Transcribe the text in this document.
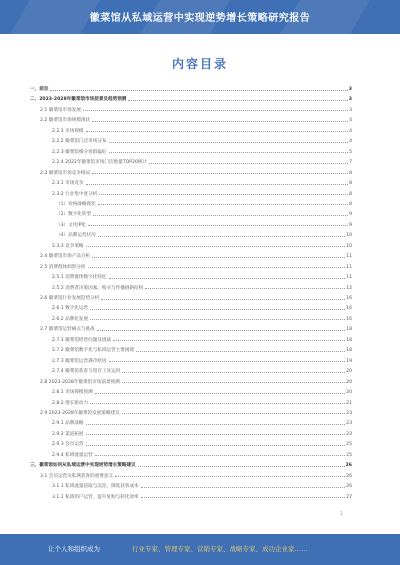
徽菜馆从私域运营中实现逆势增长策略研究报告
内容目录
一、前言	3
二、2023-2028年徽菜馆市场前景及趋势预测	3
2.1 徽菜馆市场发展	3
2.2 徽菜馆市场规模现状	4
2.2.1 市场规模	4
2.2.2 徽菜馆门店市场分布	4
2.2.3 徽菜馆细分客群偏好	5
2.2.4 2022年徽菜馆市场门店数量TOP20统计	7
2.3 徽菜馆市场竞争格局	8
2.3.1 市场竞争	8
2.3.2 行业集中度分析	8
（1）价格战略现状	8
（2）数字化转型	9
（3）文化IP化	9
（4）品牌运营状况	10
2.3.3 竞争策略	10
2.4 徽菜馆市场产品分析	11
2.5 消费群体洞察分析	11
2.5.1 消费群体数字化特征	11
2.5.2 消费者决策因素、购买与传播链路结构	12
2.6 徽菜馆行业发展趋势分析	16
2.6.1 数字化运营	16
2.6.2 品牌化发展	16
2.7 徽菜馆运营痛点与挑战	18
2.7.1 徽菜馆经营问题及挑战	18
2.7.2 徽菜馆数字化与私域运营主要困境	18
2.7.3 徽菜馆运营遇冷原因	19
2.7.4 徽菜馆获客与留存工具运用	20
2.8 2023-2028年徽菜馆市场前景预测	20
2.8.1 市场规模预测	20
2.8.2 增长驱动力	21
2.9 2023-2028年徽菜馆发展策略建议	23
2.9.1 品牌战略	23
2.9.2 渠道拓展	23
2.9.3 会员运营	25
2.9.4 私域流量运营	25
三、徽菜馆如何从私域运营中实现逆势增长策略建议	26
3.1 会员运营从私域获客的重要意义	26
3.1.1 私域流量获取与沉淀，降低获客成本	26
3.1.2 私域用户运营，提升复购与转化效率	27
2
让个人和组织成为	行业专家、管理专家、营销专家、战略专家、成功企业家……
